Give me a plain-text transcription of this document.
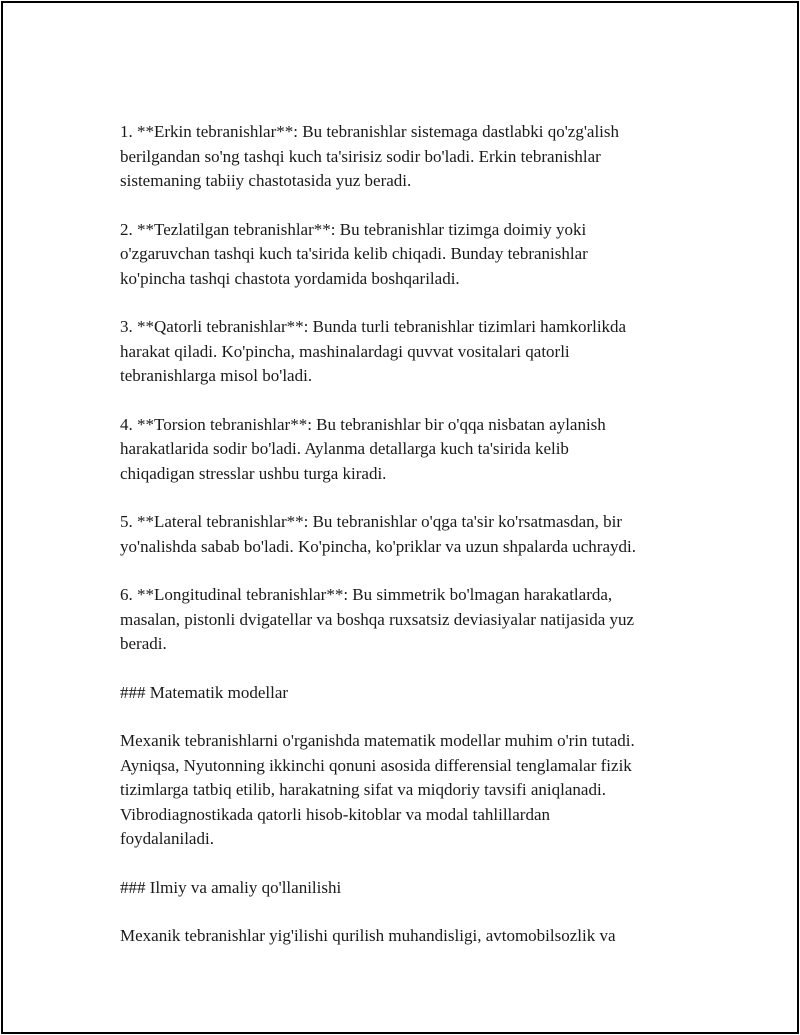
1. **Erkin tebranishlar**: Bu tebranishlar sistemaga dastlabki qo'zg'alish
berilgandan so'ng tashqi kuch ta'sirisiz sodir bo'ladi. Erkin tebranishlar
sistemaning tabiiy chastotasida yuz beradi.

2. **Tezlatilgan tebranishlar**: Bu tebranishlar tizimga doimiy yoki
o'zgaruvchan tashqi kuch ta'sirida kelib chiqadi. Bunday tebranishlar
ko'pincha tashqi chastota yordamida boshqariladi.

3. **Qatorli tebranishlar**: Bunda turli tebranishlar tizimlari hamkorlikda
harakat qiladi. Ko'pincha, mashinalardagi quvvat vositalari qatorli
tebranishlarga misol bo'ladi.

4. **Torsion tebranishlar**: Bu tebranishlar bir o'qqa nisbatan aylanish
harakatlarida sodir bo'ladi. Aylanma detallarga kuch ta'sirida kelib
chiqadigan stresslar ushbu turga kiradi.

5. **Lateral tebranishlar**: Bu tebranishlar o'qga ta'sir ko'rsatmasdan, bir
yo'nalishda sabab bo'ladi. Ko'pincha, ko'priklar va uzun shpalarda uchraydi.

6. **Longitudinal tebranishlar**: Bu simmetrik bo'lmagan harakatlarda,
masalan, pistonli dvigatellar va boshqa ruxsatsiz deviasiyalar natijasida yuz
beradi.

### Matematik modellar

Mexanik tebranishlarni o'rganishda matematik modellar muhim o'rin tutadi.
Ayniqsa, Nyutonning ikkinchi qonuni asosida differensial tenglamalar fizik
tizimlarga tatbiq etilib, harakatning sifat va miqdoriy tavsifi aniqlanadi.
Vibrodiagnostikada qatorli hisob-kitoblar va modal tahlillardan
foydalaniladi.

### Ilmiy va amaliy qo'llanilishi

Mexanik tebranishlar yig'ilishi qurilish muhandisligi, avtomobilsozlik va
